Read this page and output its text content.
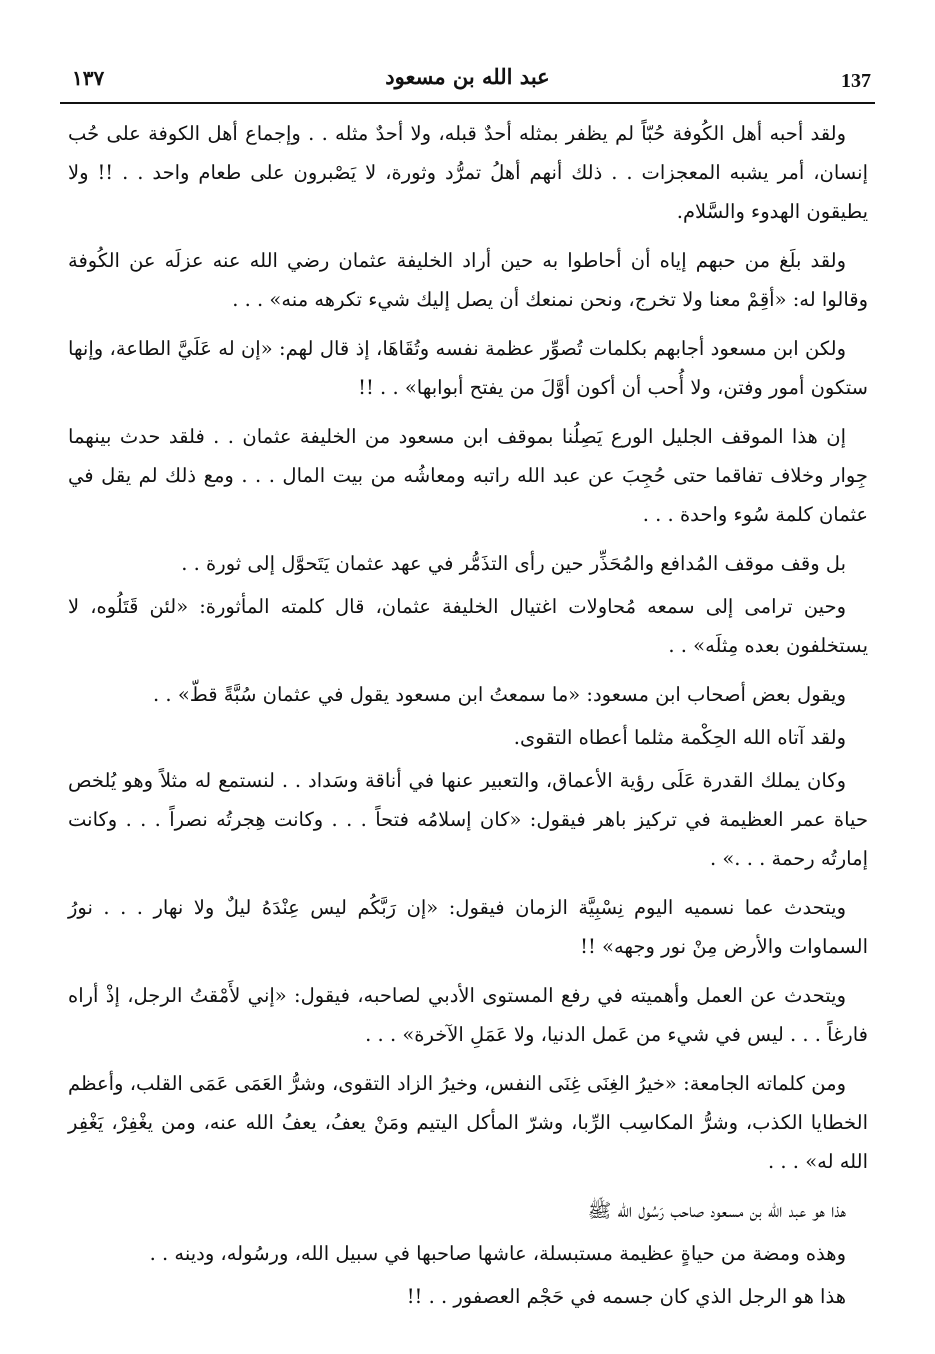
١٣٧	عبد الله بن مسعود	137

ولقد أحبه أهل الكُوفة حُبّاً لم يظفر بمثله أحدٌ قبله، ولا أحدٌ مثله . . وإجماع أهل الكوفة على حُب إنسان، أمر يشبه المعجزات . . ذلك أنهم أهلُ تمرُّد وثورة، لا يَصْبرون على طعام واحد . . !! ولا يطيقون الهدوء والسَّلام.

ولقد بلَغ من حبهم إياه أن أحاطوا به حين أراد الخليفة عثمان رضي الله عنه عزلَه عن الكُوفة وقالوا له: «أقِمْ معنا ولا تخرج، ونحن نمنعك أن يصل إليك شيء تكرهه منه» . . .

ولكن ابن مسعود أجابهم بكلمات تُصوِّر عظمة نفسه وتُقَاهَا، إذ قال لهم: «إن له عَلَيَّ الطاعة، وإنها ستكون أمور وفتن، ولا أُحب أن أكون أوَّلَ من يفتح أبوابها» . . !!

إن هذا الموقف الجليل الورع يَصِلُنا بموقف ابن مسعود من الخليفة عثمان . . فلقد حدث بينهما جِوار وخلاف تفاقما حتى حُجِبَ عن عبد الله راتبه ومعاشُه من بيت المال . . . ومع ذلك لم يقل في عثمان كلمة سُوء واحدة . . .

بل وقف موقف المُدافع والمُحَذِّر حين رأى التذَمُّر في عهد عثمان يَتَحوَّل إلى ثورة . .

وحين ترامى إلى سمعه مُحاولات اغتيال الخليفة عثمان، قال كلمته المأثورة: «لئن قَتَلُوه، لا يستخلفون بعده مِثلَه» . .

ويقول بعض أصحاب ابن مسعود: «ما سمعتُ ابن مسعود يقول في عثمان سُبَّةً قطّ» . .

ولقد آتاه الله الحِكْمة مثلما أعطاه التقوى.

وكان يملك القدرة عَلَى رؤية الأعماق، والتعبير عنها في أناقة وسَداد . . لنستمع له مثلاً وهو يُلخص حياة عمر العظيمة في تركيز باهر فيقول: «كان إسلامُه فتحاً . . . وكانت هِجرتُه نصراً . . . وكانت إمارتُه رحمة . . .» .

ويتحدث عما نسميه اليوم نِسْبِيَّة الزمان فيقول: «إن رَبَّكُم ليس عِنْدَهُ ليلٌ ولا نهار . . . نورُ السماوات والأرض مِنْ نور وجهه» !!

ويتحدث عن العمل وأهميته في رفع المستوى الأدبي لصاحبه، فيقول: «إني لأَمْقتُ الرجل، إذْ أراه فارغاً . . . ليس في شيء من عَمل الدنيا، ولا عَمَلِ الآخرة» . . .

ومن كلماته الجامعة: «خيرُ الغِنَى غِنَى النفس، وخيرُ الزاد التقوى، وشرُّ العَمَى عَمَى القلب، وأعظم الخطايا الكذب، وشرُّ المكاسِب الرِّبا، وشرّ المأكل اليتيم ومَنْ يعفُ، يعفُ الله عنه، ومن يغْفِرْ، يَغْفِر الله له» . . .

هذا هو عبد الله بن مسعود صاحب رَسُول الله ﷺ

وهذه ومضة من حياةٍ عظيمة مستبسلة، عاشها صاحبها في سبيل الله، ورسُوله، ودينه . .

هذا هو الرجل الذي كان جسمه في حَجْم العصفور . . !!
